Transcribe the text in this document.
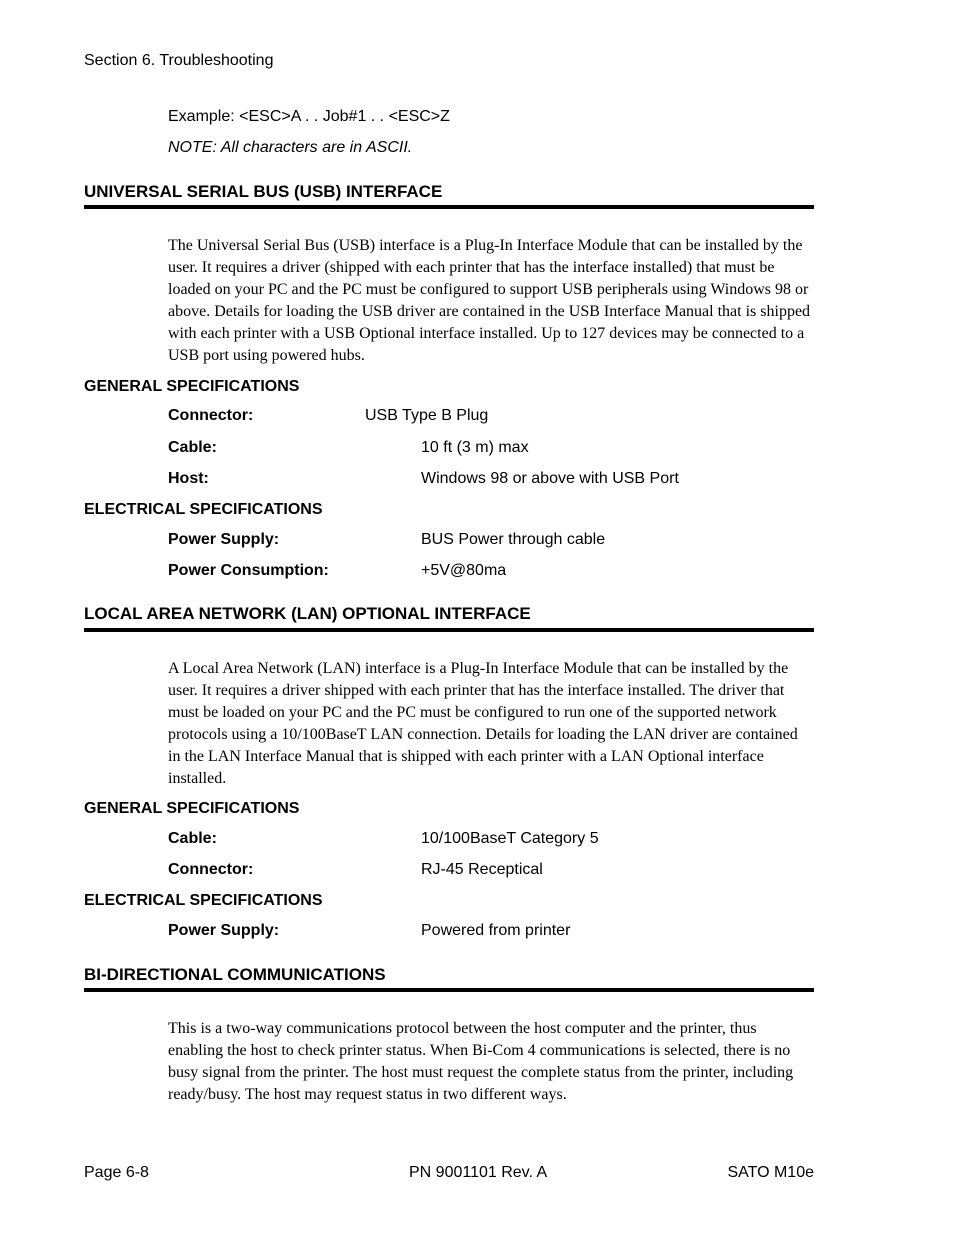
Section 6. Troubleshooting
Example: <ESC>A . . Job#1 . . <ESC>Z
NOTE: All characters are in ASCII.
UNIVERSAL SERIAL BUS (USB) INTERFACE
The Universal Serial Bus (USB) interface is a Plug-In Interface Module that can be installed by the user. It requires a driver (shipped with each printer that has the interface installed) that must be loaded on your PC and the PC must be configured to support USB peripherals using Windows 98 or above. Details for loading the USB driver are contained in the USB Interface Manual that is shipped with each printer with a USB Optional interface installed. Up to 127 devices may be connected to a USB port using powered hubs.
GENERAL SPECIFICATIONS
Connector:	USB Type B Plug
Cable:	10 ft (3 m) max
Host:	Windows 98 or above with USB Port
ELECTRICAL SPECIFICATIONS
Power Supply:	BUS Power through cable
Power Consumption:	+5V@80ma
LOCAL AREA NETWORK (LAN) OPTIONAL INTERFACE
A Local Area Network (LAN) interface is a Plug-In Interface Module that can be installed by the user. It requires a driver shipped with each printer that has the interface installed. The driver that must be loaded on your PC and the PC must be configured to run one of the supported network protocols using a 10/100BaseT LAN connection. Details for loading the LAN driver are contained in the LAN Interface Manual that is shipped with each printer with a LAN Optional interface installed.
GENERAL SPECIFICATIONS
Cable:	10/100BaseT Category 5
Connector:	RJ-45 Receptical
ELECTRICAL SPECIFICATIONS
Power Supply:	Powered from printer
BI-DIRECTIONAL COMMUNICATIONS
This is a two-way communications protocol between the host computer and the printer, thus enabling the host to check printer status. When Bi-Com 4 communications is selected, there is no busy signal from the printer. The host must request the complete status from the printer, including ready/busy. The host may request status in two different ways.
Page 6-8	PN 9001101 Rev. A	SATO M10e
